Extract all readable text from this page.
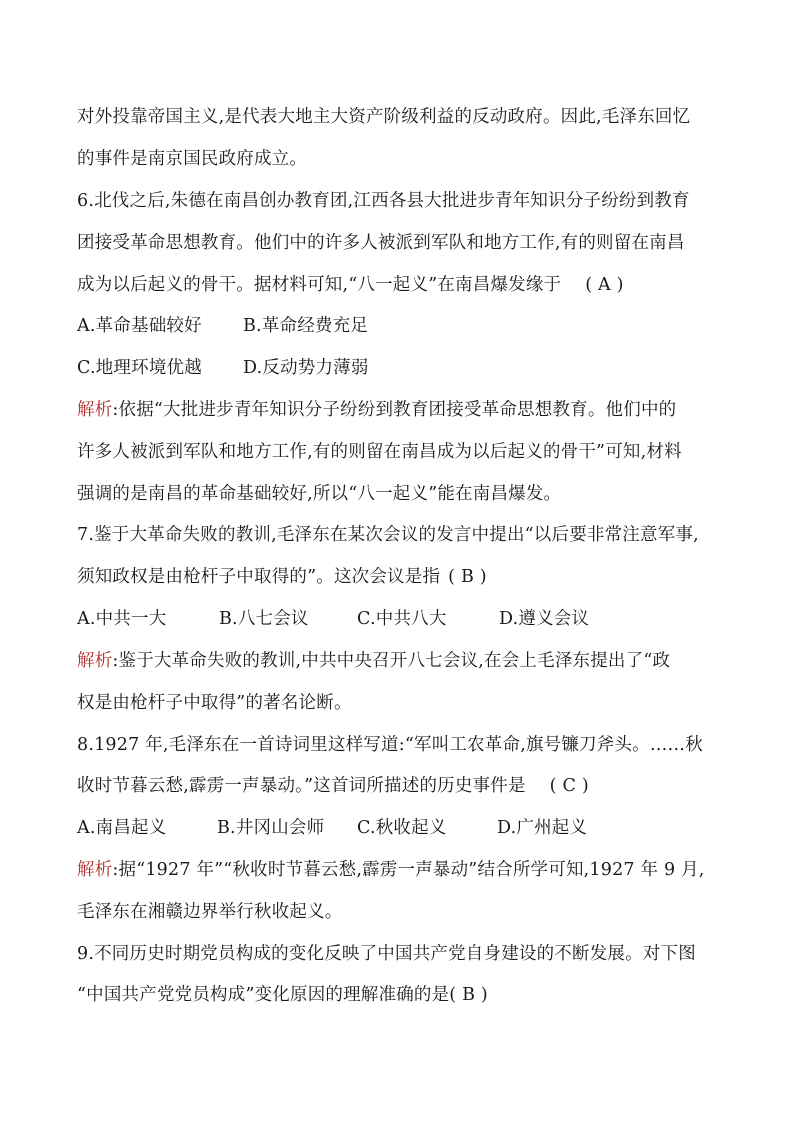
对外投靠帝国主义,是代表大地主大资产阶级利益的反动政府。因此,毛泽东回忆
的事件是南京国民政府成立。
6.北伐之后,朱德在南昌创办教育团,江西各县大批进步青年知识分子纷纷到教育
团接受革命思想教育。他们中的许多人被派到军队和地方工作,有的则留在南昌
成为以后起义的骨干。据材料可知,“八一起义”在南昌爆发缘于 ( A )
A.革命基础较好 B.革命经费充足
C.地理环境优越 D.反动势力薄弱
解析:依据“大批进步青年知识分子纷纷到教育团接受革命思想教育。他们中的
许多人被派到军队和地方工作,有的则留在南昌成为以后起义的骨干”可知,材料
强调的是南昌的革命基础较好,所以“八一起义”能在南昌爆发。
7.鉴于大革命失败的教训,毛泽东在某次会议的发言中提出“以后要非常注意军事,
须知政权是由枪杆子中取得的”。这次会议是指 ( B )
A.中共一大	B.八七会议	C.中共八大	D.遵义会议
解析:鉴于大革命失败的教训,中共中央召开八七会议,在会上毛泽东提出了“政
权是由枪杆子中取得”的著名论断。
8.1927 年,毛泽东在一首诗词里这样写道:“军叫工农革命,旗号镰刀斧头。……秋
收时节暮云愁,霹雳一声暴动。”这首词所描述的历史事件是 ( C )
A.南昌起义	B.井冈山会师 C.秋收起义	D.广州起义
解析:据“1927 年”“秋收时节暮云愁,霹雳一声暴动”结合所学可知,1927 年 9 月,
毛泽东在湘赣边界举行秋收起义。
9.不同历史时期党员构成的变化反映了中国共产党自身建设的不断发展。对下图
“中国共产党党员构成”变化原因的理解准确的是( B )
